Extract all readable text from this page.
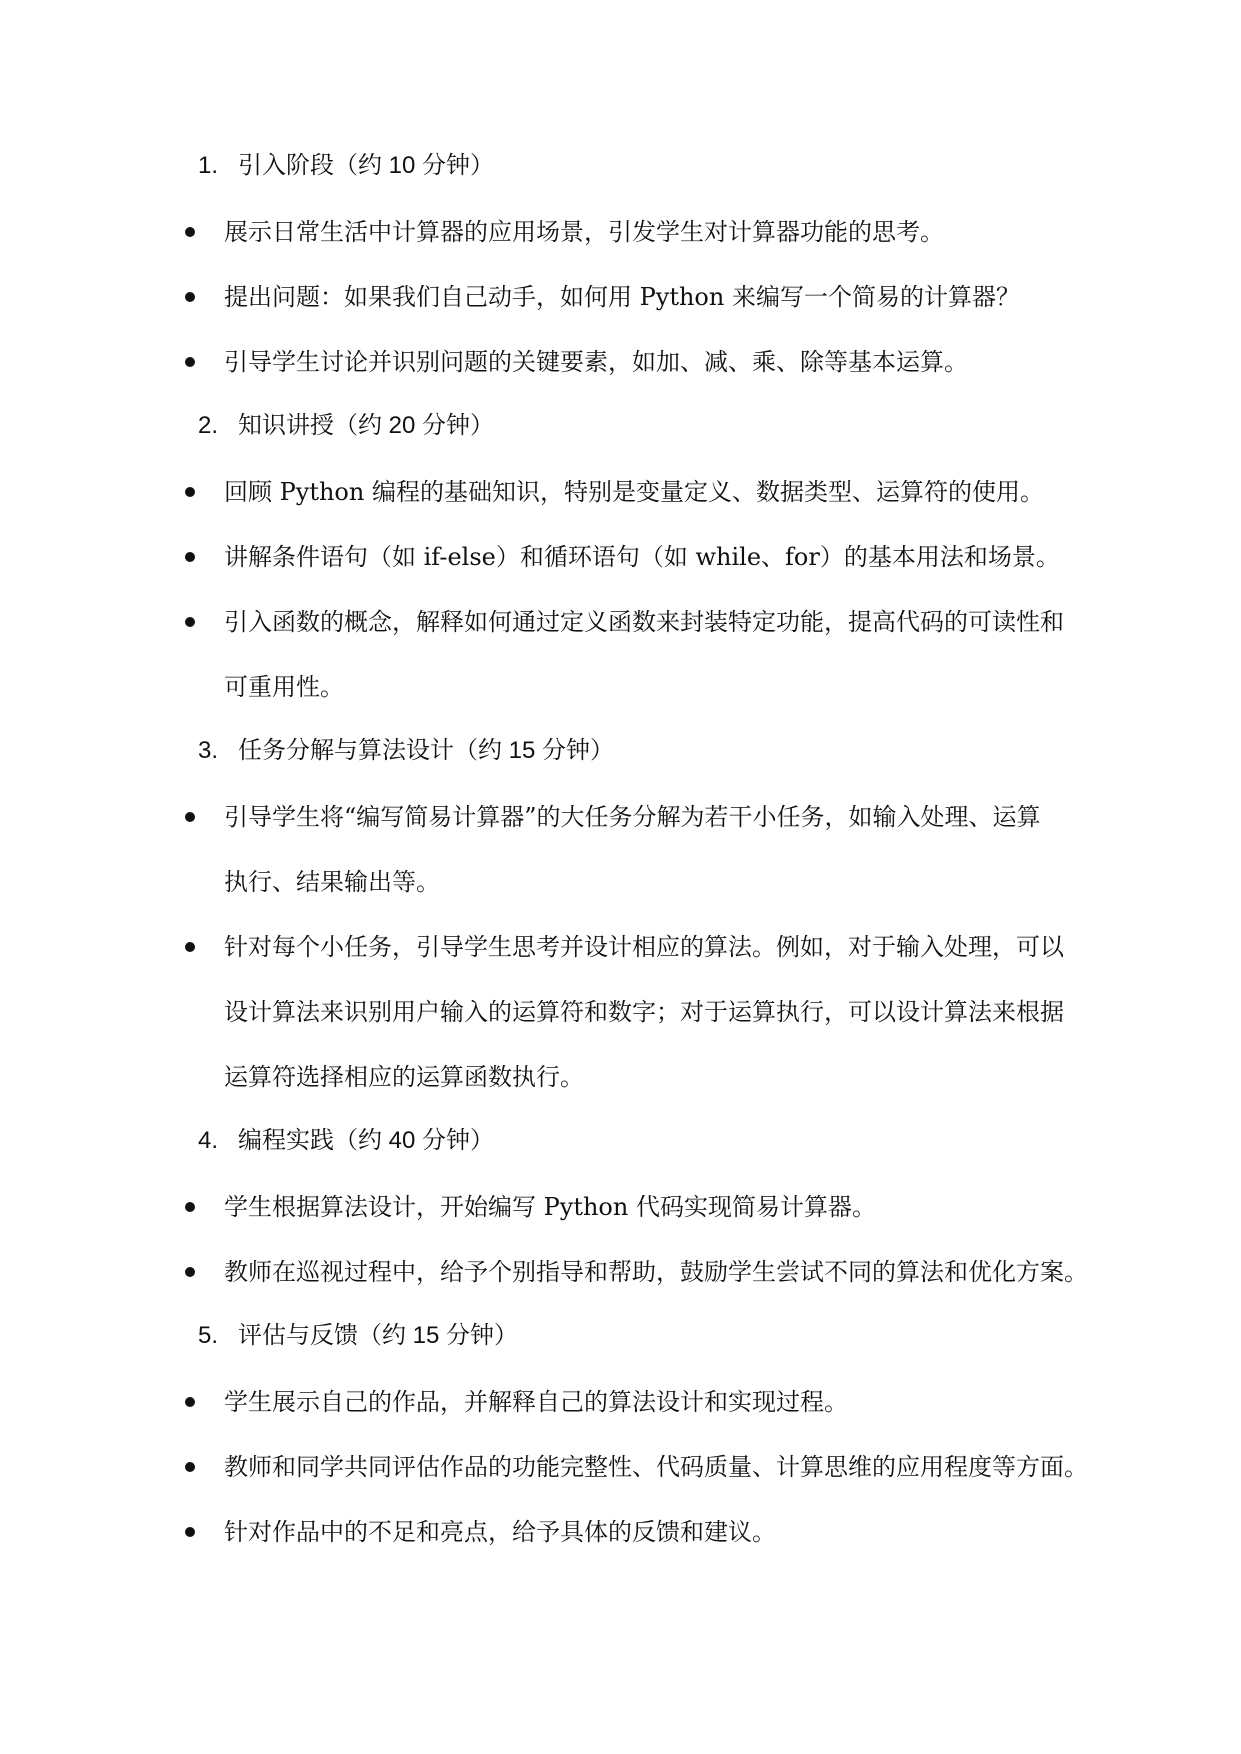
1. 引入阶段（约 10 分钟）
展示日常生活中计算器的应用场景，引发学生对计算器功能的思考。
提出问题：如果我们自己动手，如何用 Python 来编写一个简易的计算器？
引导学生讨论并识别问题的关键要素，如加、减、乘、除等基本运算。
2. 知识讲授（约 20 分钟）
回顾 Python 编程的基础知识，特别是变量定义、数据类型、运算符的使用。
讲解条件语句（如 if-else）和循环语句（如 while、for）的基本用法和场景。
引入函数的概念，解释如何通过定义函数来封装特定功能，提高代码的可读性和
可重用性。
3. 任务分解与算法设计（约 15 分钟）
引导学生将“编写简易计算器”的大任务分解为若干小任务，如输入处理、运算
执行、结果输出等。
针对每个小任务，引导学生思考并设计相应的算法。例如，对于输入处理，可以
设计算法来识别用户输入的运算符和数字；对于运算执行，可以设计算法来根据
运算符选择相应的运算函数执行。
4. 编程实践（约 40 分钟）
学生根据算法设计，开始编写 Python 代码实现简易计算器。
教师在巡视过程中，给予个别指导和帮助，鼓励学生尝试不同的算法和优化方案。
5. 评估与反馈（约 15 分钟）
学生展示自己的作品，并解释自己的算法设计和实现过程。
教师和同学共同评估作品的功能完整性、代码质量、计算思维的应用程度等方面。
针对作品中的不足和亮点，给予具体的反馈和建议。
